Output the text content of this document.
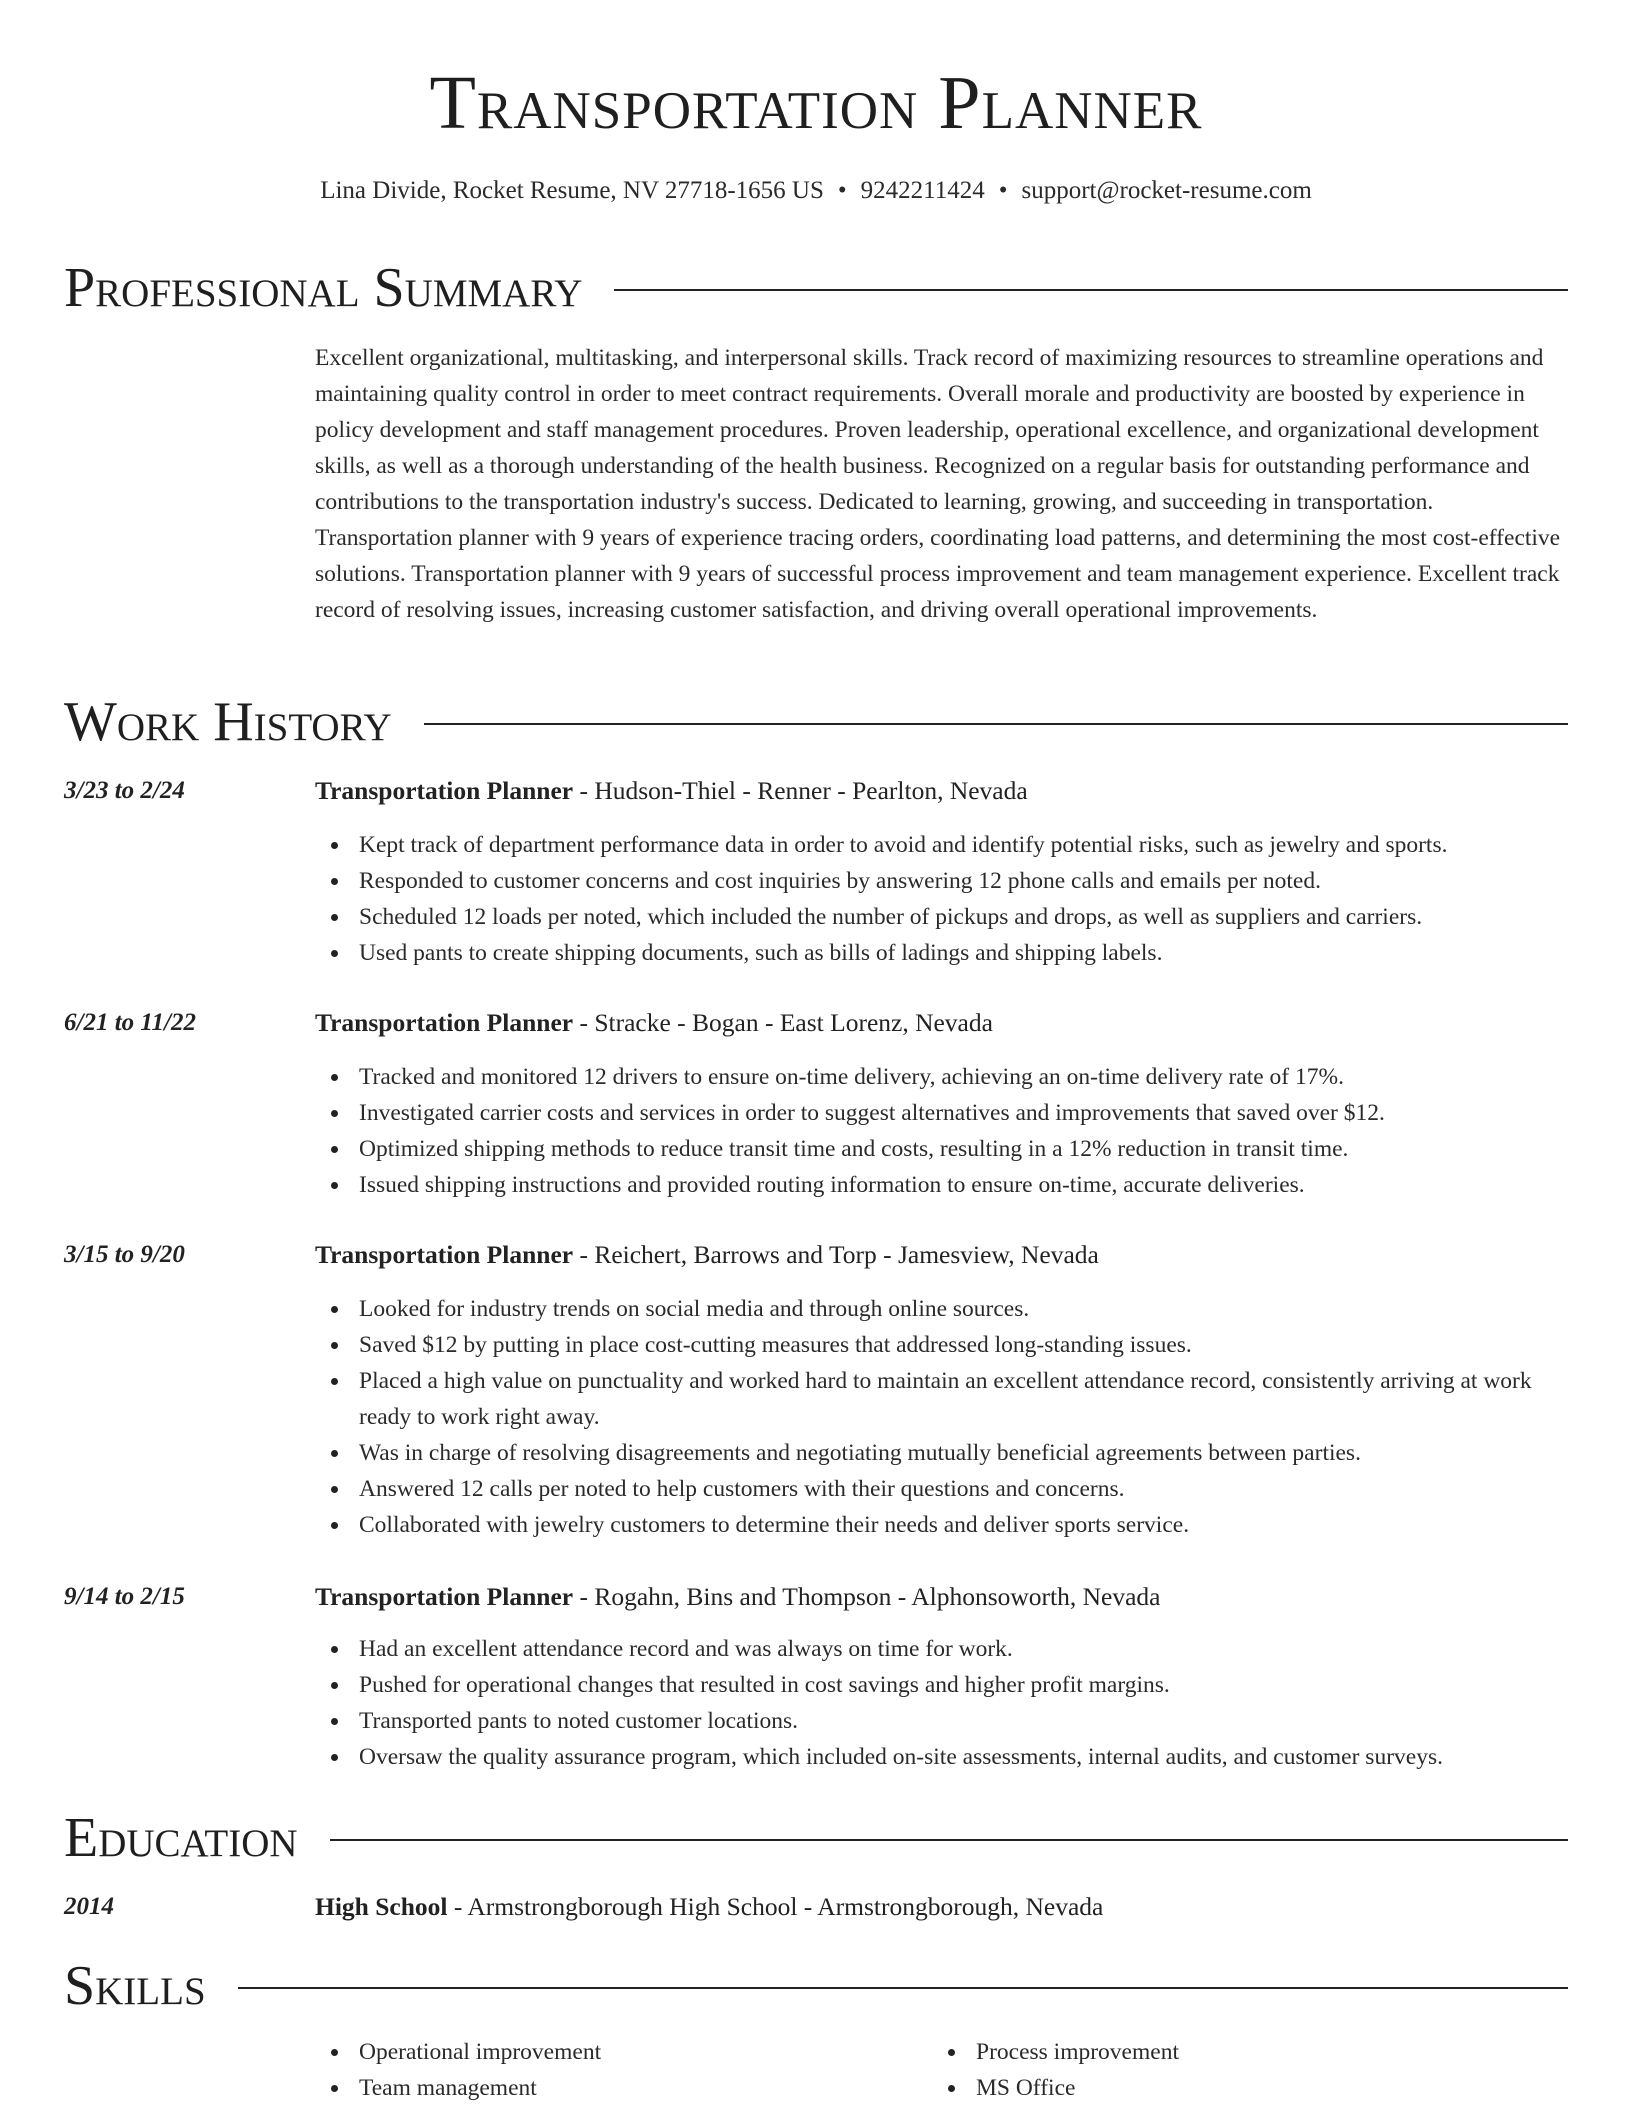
Transportation Planner
Lina Divide, Rocket Resume, NV 27718-1656 US • 9242211424 • support@rocket-resume.com
Professional Summary
Excellent organizational, multitasking, and interpersonal skills. Track record of maximizing resources to streamline operations and maintaining quality control in order to meet contract requirements. Overall morale and productivity are boosted by experience in policy development and staff management procedures. Proven leadership, operational excellence, and organizational development skills, as well as a thorough understanding of the health business. Recognized on a regular basis for outstanding performance and contributions to the transportation industry's success. Dedicated to learning, growing, and succeeding in transportation. Transportation planner with 9 years of experience tracing orders, coordinating load patterns, and determining the most cost-effective solutions. Transportation planner with 9 years of successful process improvement and team management experience. Excellent track record of resolving issues, increasing customer satisfaction, and driving overall operational improvements.
Work History
3/23 to 2/24	Transportation Planner - Hudson-Thiel - Renner - Pearlton, Nevada
Kept track of department performance data in order to avoid and identify potential risks, such as jewelry and sports.
Responded to customer concerns and cost inquiries by answering 12 phone calls and emails per noted.
Scheduled 12 loads per noted, which included the number of pickups and drops, as well as suppliers and carriers.
Used pants to create shipping documents, such as bills of ladings and shipping labels.
6/21 to 11/22	Transportation Planner - Stracke - Bogan - East Lorenz, Nevada
Tracked and monitored 12 drivers to ensure on-time delivery, achieving an on-time delivery rate of 17%.
Investigated carrier costs and services in order to suggest alternatives and improvements that saved over $12.
Optimized shipping methods to reduce transit time and costs, resulting in a 12% reduction in transit time.
Issued shipping instructions and provided routing information to ensure on-time, accurate deliveries.
3/15 to 9/20	Transportation Planner - Reichert, Barrows and Torp - Jamesview, Nevada
Looked for industry trends on social media and through online sources.
Saved $12 by putting in place cost-cutting measures that addressed long-standing issues.
Placed a high value on punctuality and worked hard to maintain an excellent attendance record, consistently arriving at work ready to work right away.
Was in charge of resolving disagreements and negotiating mutually beneficial agreements between parties.
Answered 12 calls per noted to help customers with their questions and concerns.
Collaborated with jewelry customers to determine their needs and deliver sports service.
9/14 to 2/15	Transportation Planner - Rogahn, Bins and Thompson - Alphonsoworth, Nevada
Had an excellent attendance record and was always on time for work.
Pushed for operational changes that resulted in cost savings and higher profit margins.
Transported pants to noted customer locations.
Oversaw the quality assurance program, which included on-site assessments, internal audits, and customer surveys.
Education
2014	High School - Armstrongborough High School - Armstrongborough, Nevada
Skills
Operational improvement
Team management
Process improvement
MS Office
